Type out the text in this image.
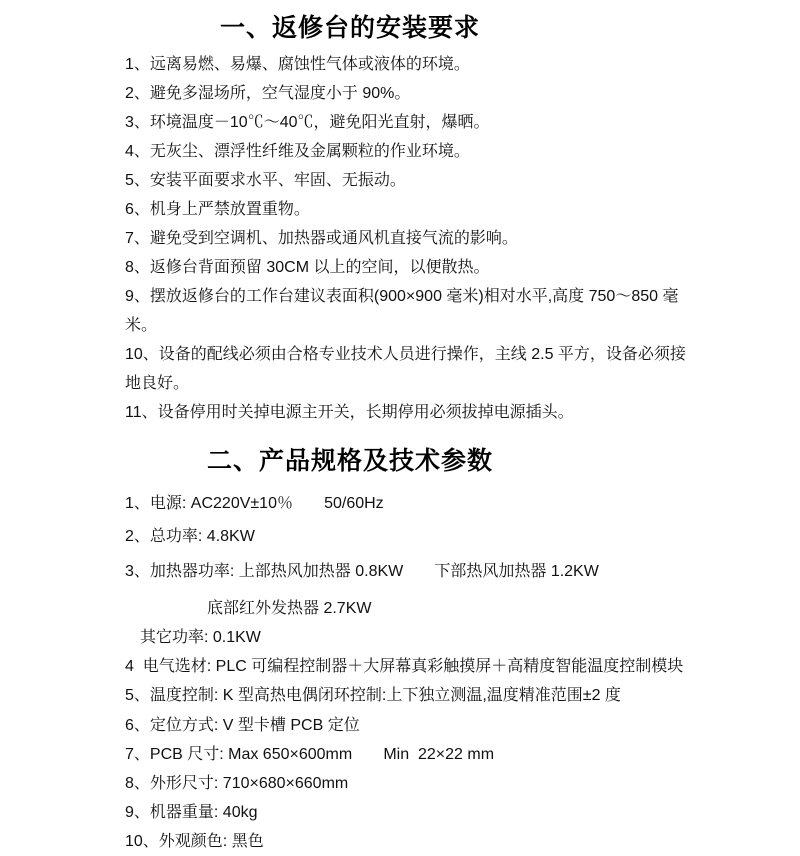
一、返修台的安装要求
1、远离易燃、易爆、腐蚀性气体或液体的环境。
2、避免多湿场所，空气湿度小于 90%。
3、环境温度－10℃～40℃，避免阳光直射，爆晒。
4、无灰尘、漂浮性纤维及金属颗粒的作业环境。
5、安装平面要求水平、牢固、无振动。
6、机身上严禁放置重物。
7、避免受到空调机、加热器或通风机直接气流的影响。
8、返修台背面预留 30CM 以上的空间，以便散热。
9、摆放返修台的工作台建议表面积(900×900 毫米)相对水平,高度 750～850 毫米。
10、设备的配线必须由合格专业技术人员进行操作，主线 2.5 平方，设备必须接地良好。
11、设备停用时关掉电源主开关，长期停用必须拔掉电源插头。
二、产品规格及技术参数
1、电源: AC220V±10％       50/60Hz
2、总功率: 4.8KW
3、加热器功率: 上部热风加热器 0.8KW       下部热风加热器 1.2KW
底部红外发热器 2.7KW
其它功率: 0.1KW
4  电气选材: PLC 可编程控制器＋大屏幕真彩触摸屏＋高精度智能温度控制模块
5、温度控制: K 型高热电偶闭环控制:上下独立测温,温度精准范围±2 度
6、定位方式: V 型卡槽 PCB 定位
7、PCB 尺寸: Max 650×600mm       Min  22×22 mm
8、外形尺寸: 710×680×660mm
9、机器重量: 40kg
10、外观颜色: 黑色
